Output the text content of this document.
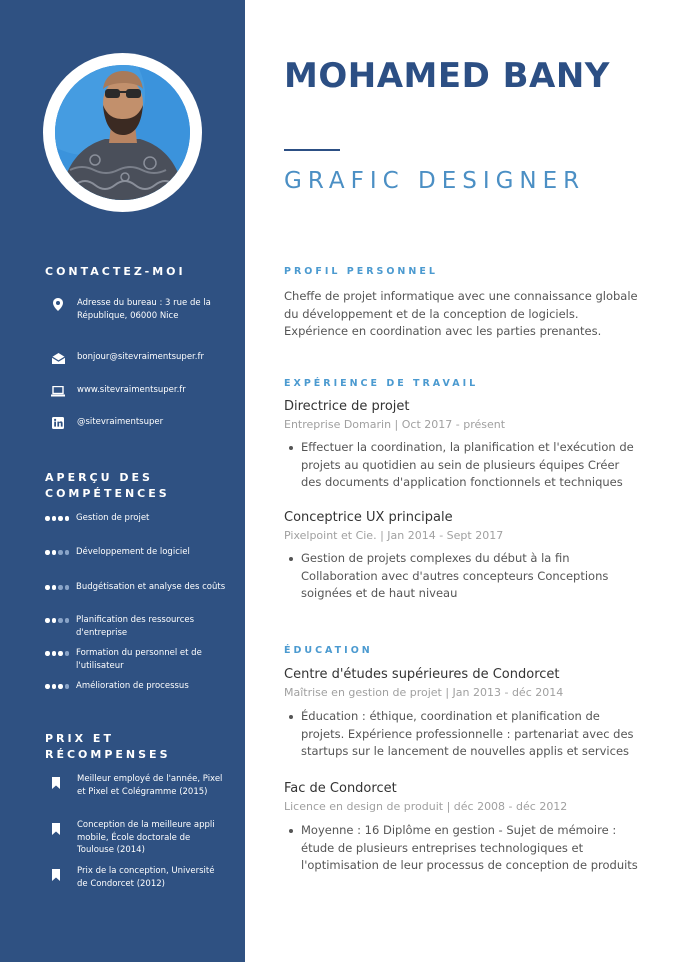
CONTACTEZ-MOI
Adresse du bureau : 3 rue de la République, 06000 Nice
bonjour@sitevraimentsuper.fr
www.sitevraimentsuper.fr
@sitevraimentsuper
APERÇU DES
COMPÉTENCES
Gestion de projet
Développement de logiciel
Budgétisation et analyse des coûts
Planification des ressources d'entreprise
Formation du personnel et de l'utilisateur
Amélioration de processus
PRIX ET
RÉCOMPENSES
Meilleur employé de l'année, Pixel et Pixel et Colégramme (2015)
Conception de la meilleure appli mobile, École doctorale de Toulouse (2014)
Prix de la conception, Université de Condorcet (2012)
MOHAMED BANY
GRAFIC DESIGNER
PROFIL PERSONNEL
Cheffe de projet informatique avec une connaissance globale du développement et de la conception de logiciels. Expérience en coordination avec les parties prenantes.
EXPÉRIENCE DE TRAVAIL
Directrice de projet
Entreprise Domarin | Oct 2017 - présent
Effectuer la coordination, la planification et l'exécution de projets au quotidien au sein de plusieurs équipes Créer des documents d'application fonctionnels et techniques
Conceptrice UX principale
Pixelpoint et Cie. | Jan 2014 - Sept 2017
Gestion de projets complexes du début à la fin Collaboration avec d'autres concepteurs Conceptions soignées et de haut niveau
ÉDUCATION
Centre d'études supérieures de Condorcet
Maîtrise en gestion de projet | Jan 2013 - déc 2014
Éducation : éthique, coordination et planification de projets. Expérience professionnelle : partenariat avec des startups sur le lancement de nouvelles applis et services
Fac de Condorcet
Licence en design de produit | déc 2008 - déc 2012
Moyenne : 16 Diplôme en gestion - Sujet de mémoire : étude de plusieurs entreprises technologiques et l'optimisation de leur processus de conception de produits
